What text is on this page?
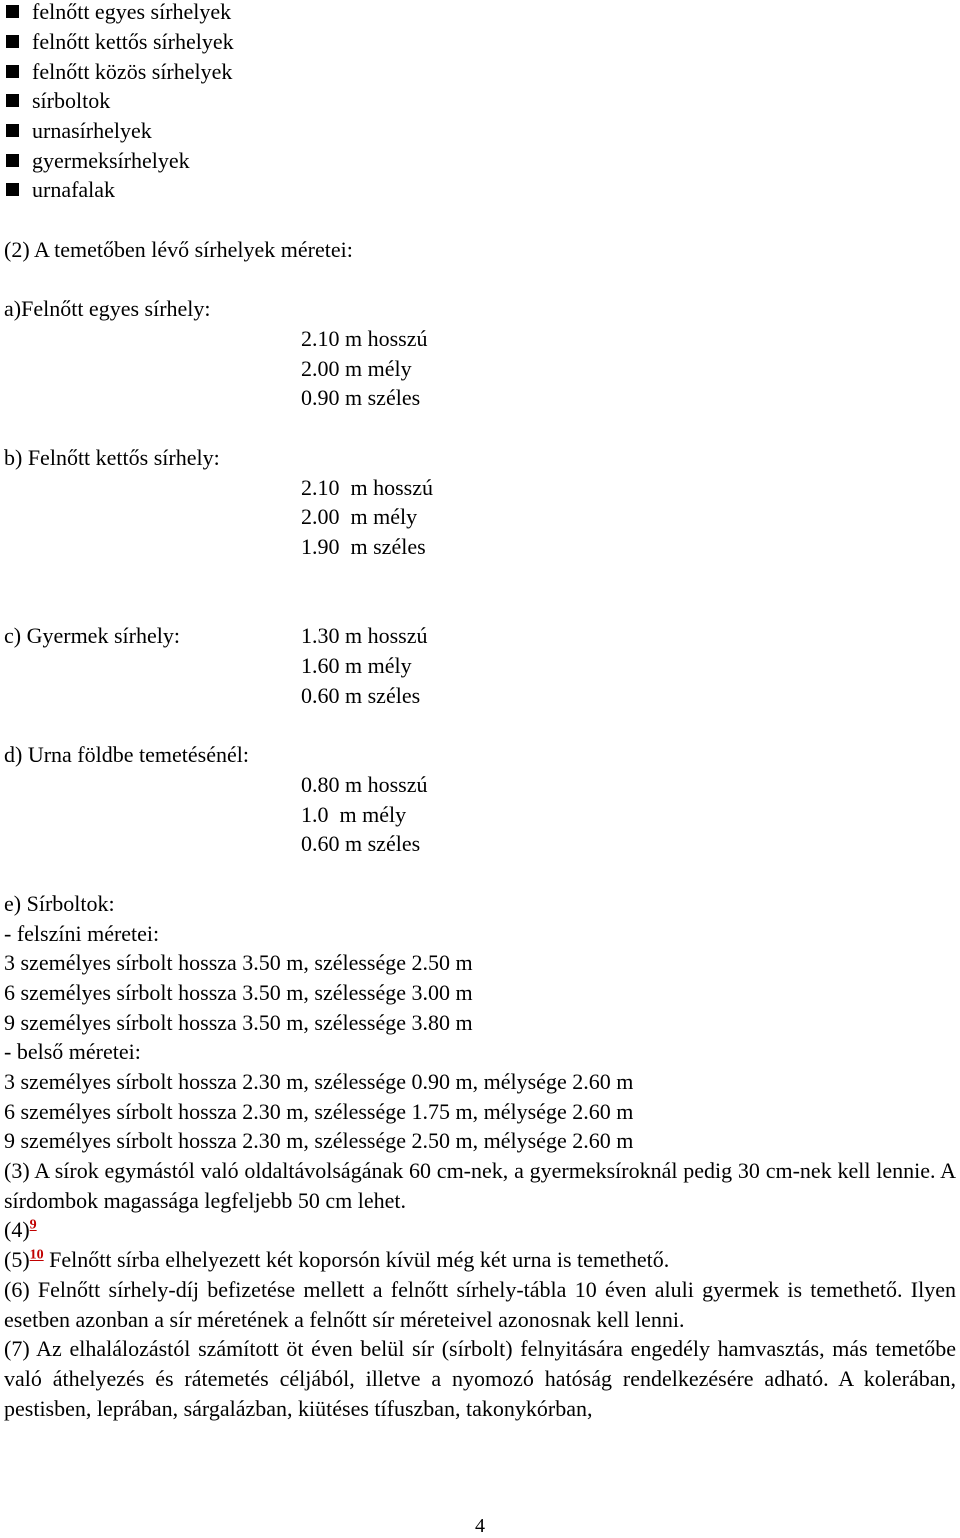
felnőtt egyes sírhelyek
felnőtt kettős sírhelyek
felnőtt közös sírhelyek
sírboltok
urnasírhelyek
gyermeksírhelyek
urnafalak
(2) A temetőben lévő sírhelyek méretei:
a)Felnőtt egyes sírhely:
2.10 m hosszú
2.00 m mély
0.90 m széles
b) Felnőtt kettős sírhely:
2.10  m hosszú
2.00  m mély
1.90  m széles
c) Gyermek sírhely:	1.30 m hosszú
1.60 m mély
0.60 m széles
d) Urna földbe temetésénél:
0.80 m hosszú
1.0  m mély
0.60 m széles
e) Sírboltok:
- felszíni méretei:
3 személyes sírbolt hossza 3.50 m, szélessége 2.50 m
6 személyes sírbolt hossza 3.50 m, szélessége 3.00 m
9 személyes sírbolt hossza 3.50 m, szélessége 3.80 m
- belső méretei:
3 személyes sírbolt hossza 2.30 m, szélessége 0.90 m, mélysége 2.60 m
6 személyes sírbolt hossza 2.30 m, szélessége 1.75 m, mélysége 2.60 m
9 személyes sírbolt hossza 2.30 m, szélessége 2.50 m, mélysége 2.60 m
(3) A sírok egymástól való oldaltávolságának 60 cm-nek, a gyermeksíroknál pedig 30 cm-nek kell lennie. A sírdombok magassága legfeljebb 50 cm lehet.
(4)$^9$
(5)$^{10}$ Felnőtt sírba elhelyezett két koporsón kívül még két urna is temethető.
(6) Felnőtt sírhely-díj befizetése mellett a felnőtt sírhely-tábla 10 éven aluli gyermek is temethető. Ilyen esetben azonban a sír méretének a felnőtt sír méreteivel azonosnak kell lenni.
(7) Az elhalálozástól számított öt éven belül sír (sírbolt) felnyitására engedély hamvasztás, más temetőbe való áthelyezés és rátemetés céljából, illetve a nyomozó hatóság rendelkezésére adható. A kolerában, pestisben, leprában, sárgalázban, kiütéses tífuszban, takonykórban,
4
